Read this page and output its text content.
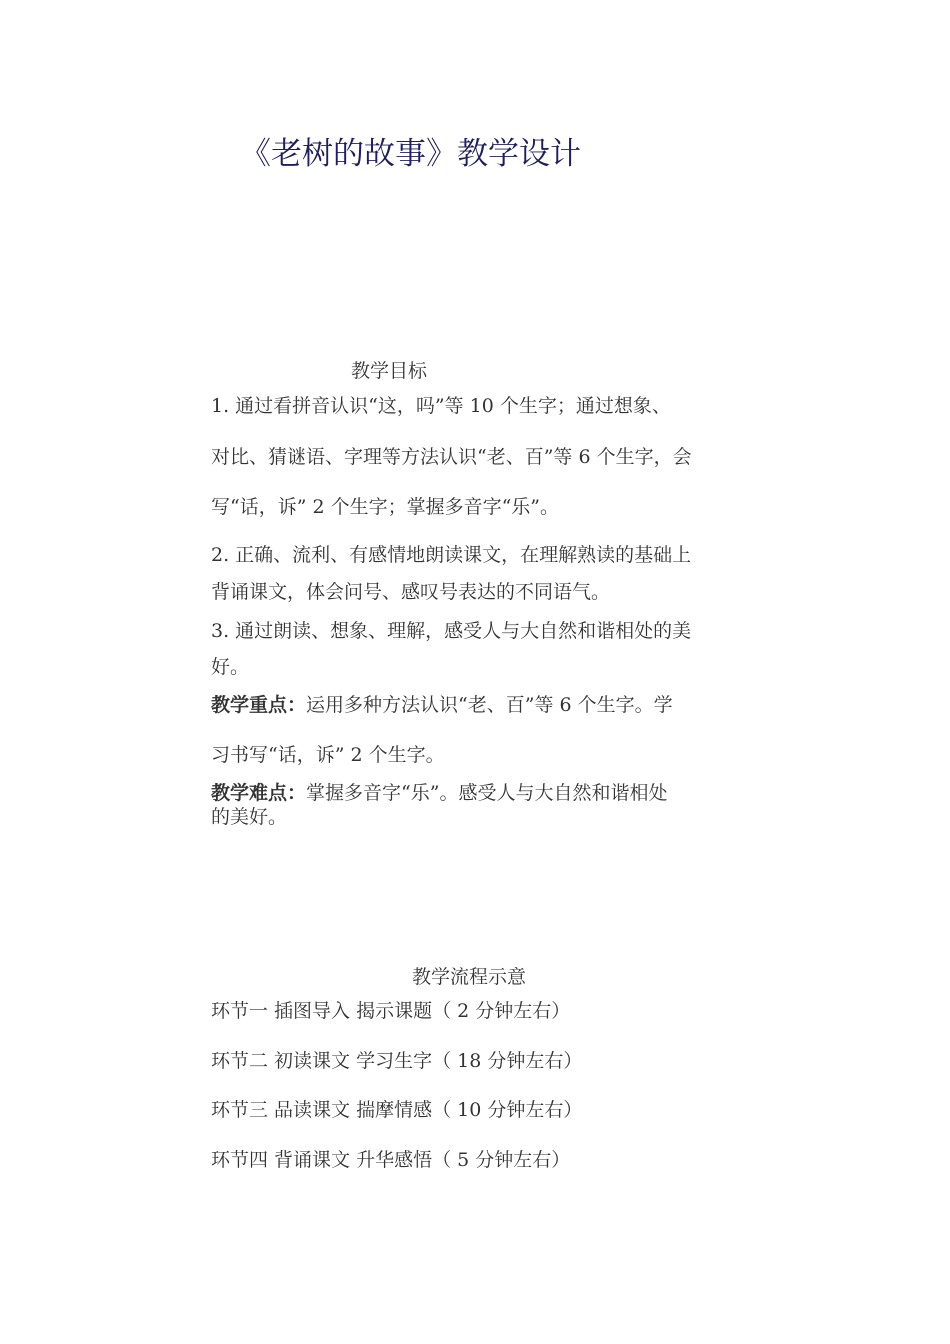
《老树的故事》教学设计
教学目标
1. 通过看拼音认识“这，吗”等 10 个生字；通过想象、
对比、猜谜语、字理等方法认识“老、百”等 6 个生字，会
写“话，诉” 2 个生字；掌握多音字“乐”。
2. 正确、流利、有感情地朗读课文，在理解熟读的基础上
背诵课文，体会问号、感叹号表达的不同语气。
3. 通过朗读、想象、理解，感受人与大自然和谐相处的美
好。
教学重点：运用多种方法认识“老、百”等 6 个生字。学
习书写“话，诉” 2 个生字。
教学难点：掌握多音字“乐”。感受人与大自然和谐相处
的美好。
教学流程示意
环节一 插图导入 揭示课题（ 2 分钟左右）
环节二 初读课文 学习生字（ 18 分钟左右）
环节三 品读课文 揣摩情感（ 10 分钟左右）
环节四 背诵课文 升华感悟（ 5 分钟左右）
